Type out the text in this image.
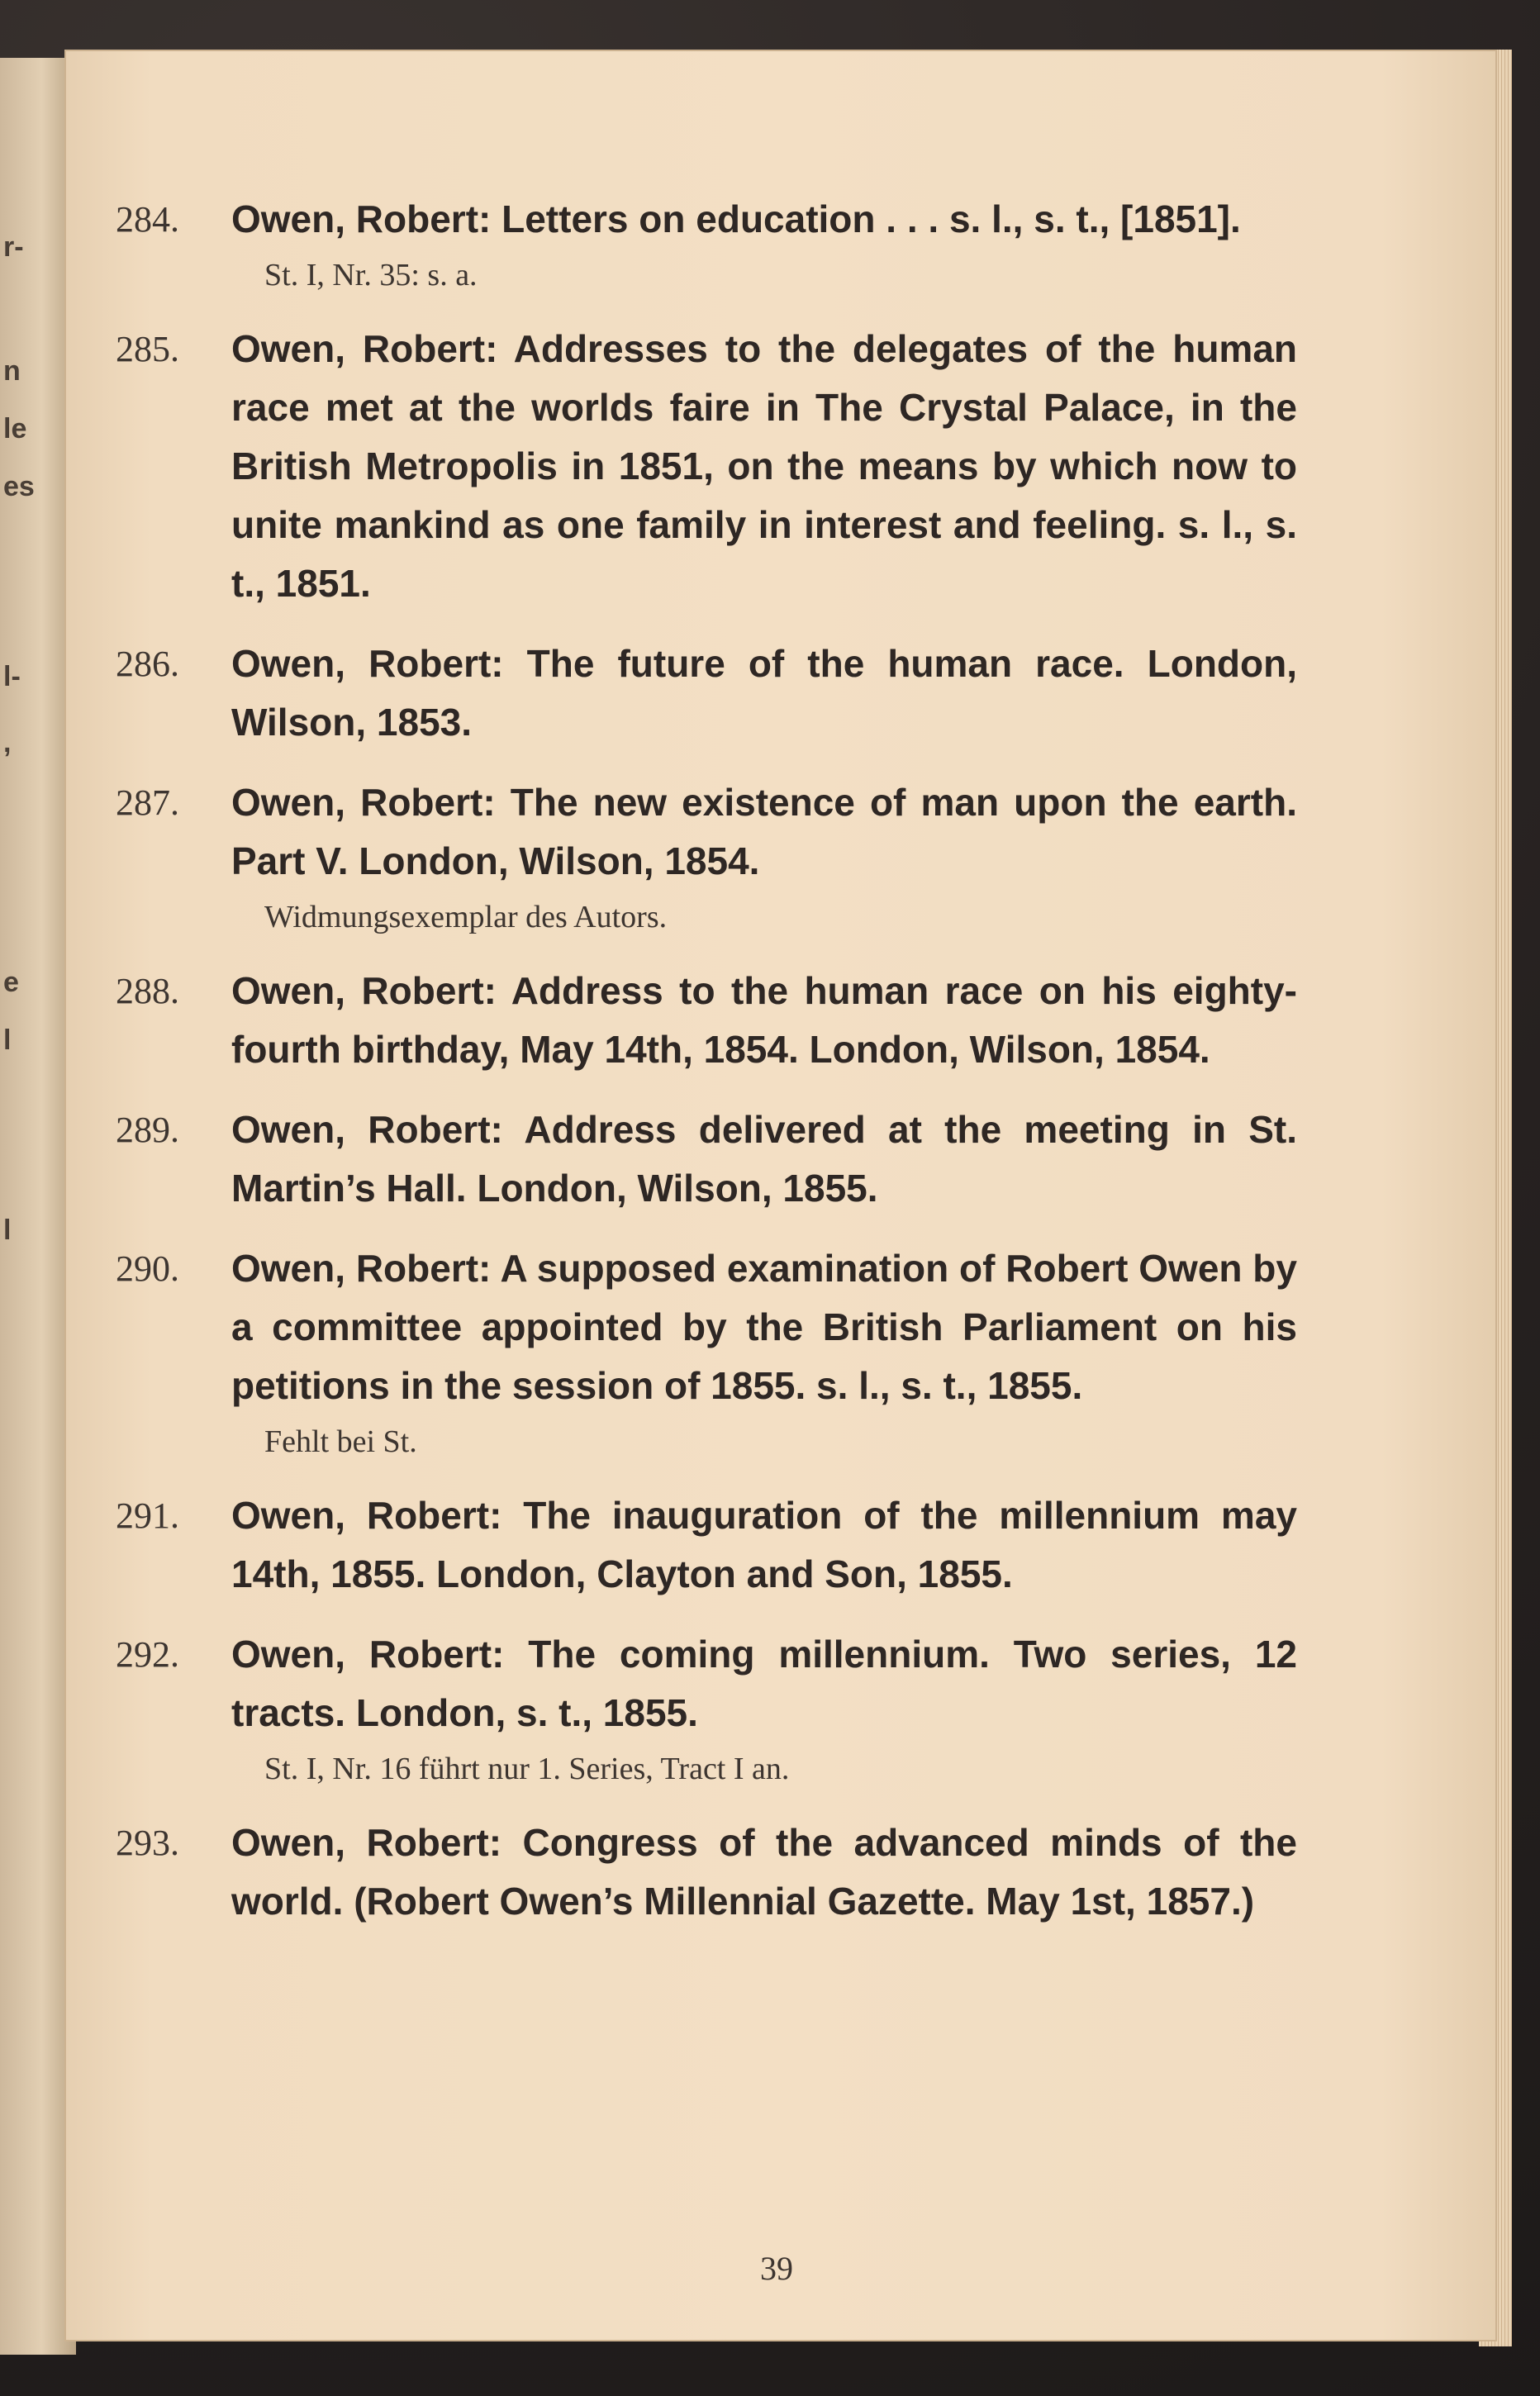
r-
n
le
es
l-
,
e
l
l
284. Owen, Robert: Letters on education . . . s. l., s. t., [1851].
St. I, Nr. 35: s. a.
285. Owen, Robert: Addresses to the delegates of the human race met at the worlds faire in The Crystal Palace, in the British Metropolis in 1851, on the means by which now to unite mankind as one family in interest and feeling. s. l., s. t., 1851.
286. Owen, Robert: The future of the human race. London, Wilson, 1853.
287. Owen, Robert: The new existence of man upon the earth. Part V. London, Wilson, 1854.
Widmungsexemplar des Autors.
288. Owen, Robert: Address to the human race on his eighty-fourth birthday, May 14th, 1854. London, Wilson, 1854.
289. Owen, Robert: Address delivered at the meeting in St. Martin’s Hall. London, Wilson, 1855.
290. Owen, Robert: A supposed examination of Robert Owen by a committee appointed by the British Parliament on his petitions in the session of 1855. s. l., s. t., 1855.
Fehlt bei St.
291. Owen, Robert: The inauguration of the millennium may 14th, 1855. London, Clayton and Son, 1855.
292. Owen, Robert: The coming millennium. Two series, 12 tracts. London, s. t., 1855.
St. I, Nr. 16 führt nur 1. Series, Tract I an.
293. Owen, Robert: Congress of the advanced minds of the world. (Robert Owen’s Millennial Gazette. May 1st, 1857.)
39
